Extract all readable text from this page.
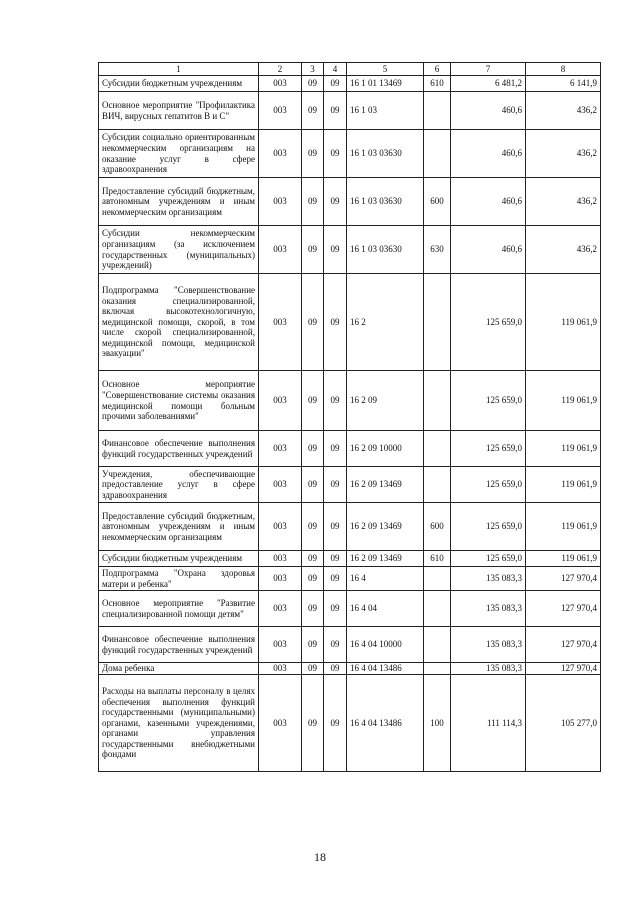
1	2	3	4	5	6	7	8
Субсидии бюджетным учреждениям	003	09	09	16 1 01 13469	610	6 481,2	6 141,9
Основное мероприятие "Профилактика ВИЧ, вирусных гепатитов В и С"	003	09	09	16 1 03		460,6	436,2
Субсидии социально ориентированным некоммерческим организациям на оказание услуг в сфере здравоохранения	003	09	09	16 1 03 03630		460,6	436,2
Предоставление субсидий бюджетным, автономным учреждениям и иным некоммерческим организациям	003	09	09	16 1 03 03630	600	460,6	436,2
Субсидии некоммерческим организациям (за исключением государственных (муниципальных) учреждений)	003	09	09	16 1 03 03630	630	460,6	436,2
Подпрограмма "Совершенствование оказания специализированной, включая высокотехнологичную, медицинской помощи, скорой, в том числе скорой специализированной, медицинской помощи, медицинской эвакуации"	003	09	09	16 2		125 659,0	119 061,9
Основное мероприятие "Совершенствование системы оказания медицинской помощи больным прочими заболеваниями"	003	09	09	16 2 09		125 659,0	119 061,9
Финансовое обеспечение выполнения функций государственных учреждений	003	09	09	16 2 09 10000		125 659,0	119 061,9
Учреждения, обеспечивающие предоставление услуг в сфере здравоохранения	003	09	09	16 2 09 13469		125 659,0	119 061,9
Предоставление субсидий бюджетным, автономным учреждениям и иным некоммерческим организациям	003	09	09	16 2 09 13469	600	125 659,0	119 061,9
Субсидии бюджетным учреждениям	003	09	09	16 2 09 13469	610	125 659,0	119 061,9
Подпрограмма "Охрана здоровья матери и ребенка"	003	09	09	16 4		135 083,3	127 970,4
Основное мероприятие "Развитие специализированной помощи детям"	003	09	09	16 4 04		135 083,3	127 970,4
Финансовое обеспечение выполнения функций государственных учреждений	003	09	09	16 4 04 10000		135 083,3	127 970,4
Дома ребенка	003	09	09	16 4 04 13486		135 083,3	127 970,4
Расходы на выплаты персоналу в целях обеспечения выполнения функций государственными (муниципальными) органами, казенными учреждениями, органами управления государственными внебюджетными фондами	003	09	09	16 4 04 13486	100	111 114,3	105 277,0
18
